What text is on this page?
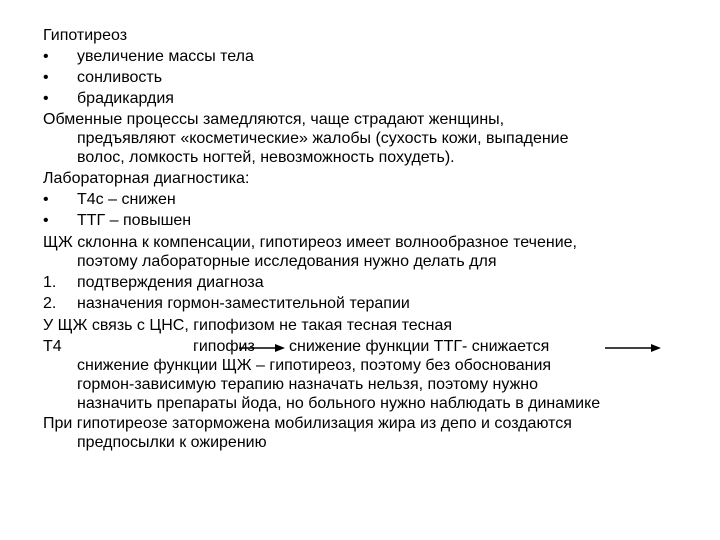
Гипотиреоз
• увеличение массы тела
• сонливость
• брадикардия
Обменные процессы замедляются, чаще страдают женщины,
предъявляют «косметические» жалобы (сухость кожи, выпадение
волос, ломкость ногтей, невозможность похудеть).
Лабораторная диагностика:
• Т4с – снижен
• ТТГ – повышен
ЩЖ склонна к компенсации, гипотиреоз имеет волнообразное течение,
поэтому лабораторные исследования нужно делать для
1. подтверждения диагноза
2. назначения гормон-заместительной терапии
У ЩЖ связь с ЦНС, гипофизом не такая тесная тесная
Т4	гипофиз снижение функции ТТГ- снижается
снижение функции ЩЖ – гипотиреоз, поэтому без обоснования
гормон-зависимую терапию назначать нельзя, поэтому нужно
назначить препараты йода, но больного нужно наблюдать в динамике
При гипотиреозе заторможена мобилизация жира из депо и создаются
предпосылки к ожирению
